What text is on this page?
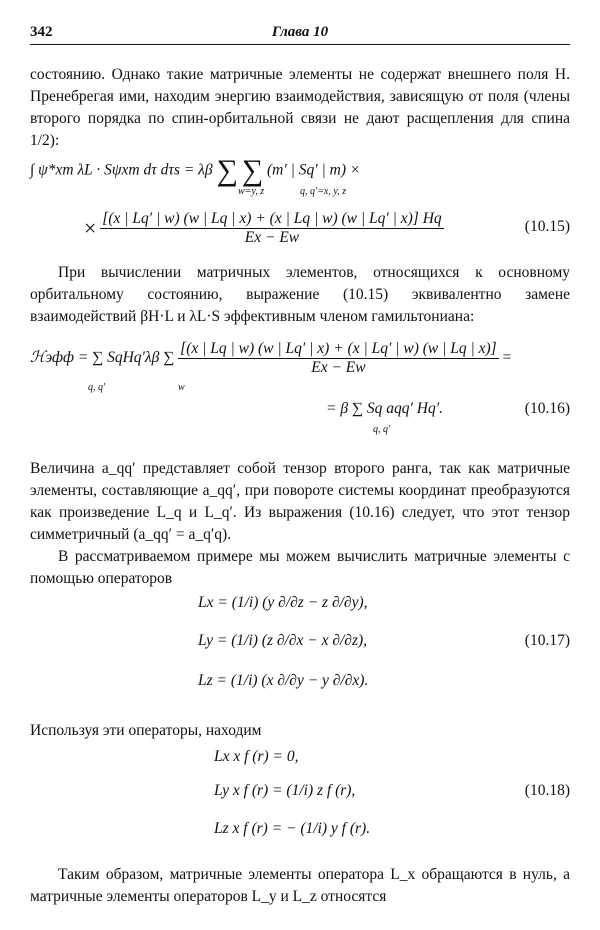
342	Глава 10

состоянию. Однако такие матричные элементы не содержат внешнего поля H. Пренебрегая ими, находим энергию взаимодействия, зависящую от поля (члены второго порядка по спин-орбитальной связи не дают расщепления для спина 1/2):

∫ ψ*xm λL · Sψxm dτ dτs = λβ ∑ ∑ (m′ | Sq′ | m) ×
w=y, z	q, q′=x, y, z
× $\frac{[(x | Lq' | w) (w | Lq | x) + (x | Lq | w) (w | Lq' | x)] Hq}{Ex - Ew}$	(10.15)

При вычислении матричных элементов, относящихся к основному орбитальному состоянию, выражение (10.15) эквивалентно замене взаимодействий βH·L и λL·S эффективным членом гамильтониана:

ℋэфф = ∑ SqHq′λβ ∑ $\frac{[(x | Lq | w) (w | Lq' | x) + (x | Lq' | w) (w | Lq | x)]}{Ex - Ew}$ =
q, q′	w
= β ∑ Sq aqq′ Hq′.
q, q′
(10.16)

Величина a_qq′ представляет собой тензор второго ранга, так как матричные элементы, составляющие a_qq′, при повороте системы координат преобразуются как произведение L_q и L_q′. Из выражения (10.16) следует, что этот тензор симметричный (a_qq′ = a_q′q).

В рассматриваемом примере мы можем вычислить матричные элементы с помощью операторов

Lx = (1/i) (y ∂/∂z − z ∂/∂y),
Ly = (1/i) (z ∂/∂x − x ∂/∂z),
Lz = (1/i) (x ∂/∂y − y ∂/∂x).
(10.17)

Используя эти операторы, находим

Lx x f (r) = 0,
Ly x f (r) = (1/i) z f (r),
Lz x f (r) = − (1/i) y f (r).
(10.18)

Таким образом, матричные элементы оператора L_x обращаются в нуль, а матричные элементы операторов L_y и L_z относятся
